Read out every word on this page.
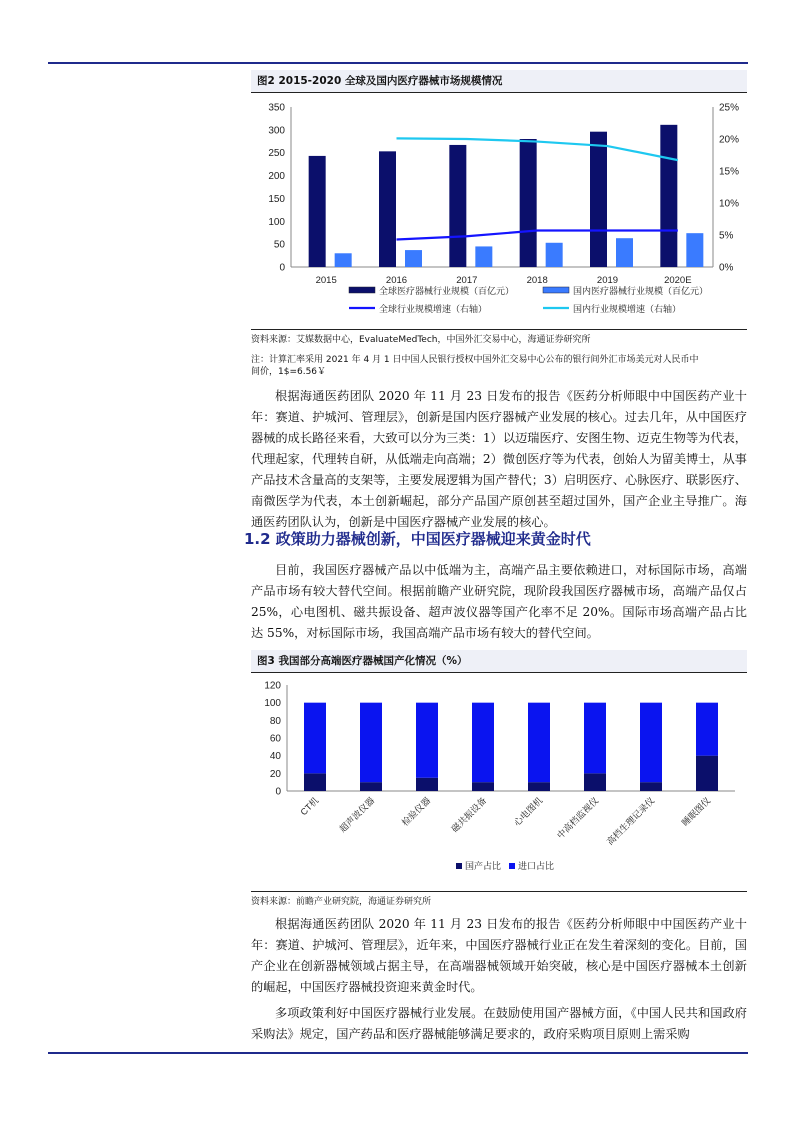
图2 2015-2020 全球及国内医疗器械市场规模情况
0
50
100
150
200
250
300
350
0%
5%
10%
15%
20%
25%
2015	2016	2017	2018	2019	2020E
全球医疗器械行业规模（百亿元）	国内医疗器械行业规模（百亿元）
全球行业规模增速（右轴）	国内行业规模增速（右轴）
资料来源：艾媒数据中心，EvaluateMedTech，中国外汇交易中心，海通证券研究所
注：计算汇率采用 2021 年 4 月 1 日中国人民银行授权中国外汇交易中心公布的银行间外汇市场美元对人民币中
间价，1$=6.56￥
根据海通医药团队 2020 年 11 月 23 日发布的报告《医药分析师眼中中国医药产业十年：赛道、护城河、管理层》，创新是国内医疗器械产业发展的核心。过去几年，从中国医疗器械的成长路径来看，大致可以分为三类：1）以迈瑞医疗、安图生物、迈克生物等为代表，代理起家，代理转自研，从低端走向高端；2）微创医疗等为代表，创始人为留美博士，从事产品技术含量高的支架等，主要发展逻辑为国产替代；3）启明医疗、心脉医疗、联影医疗、南微医学为代表，本土创新崛起，部分产品国产原创甚至超过国外，国产企业主导推广。海通医药团队认为，创新是中国医疗器械产业发展的核心。
1.2 政策助力器械创新，中国医疗器械迎来黄金时代
目前，我国医疗器械产品以中低端为主，高端产品主要依赖进口，对标国际市场，高端产品市场有较大替代空间。根据前瞻产业研究院，现阶段我国医疗器械市场，高端产品仅占 25%，心电图机、磁共振设备、超声波仪器等国产化率不足 20%。国际市场高端产品占比达 55%，对标国际市场，我国高端产品市场有较大的替代空间。
图3 我国部分高端医疗器械国产化情况（%）
0
20
40
60
80
100
120
CT机 超声波仪器	检验仪器 磁共振设备	心电图机 中高档监视仪 高档生理记录仪	睡眠图仪
国产占比 进口占比
资料来源：前瞻产业研究院，海通证券研究所
根据海通医药团队 2020 年 11 月 23 日发布的报告《医药分析师眼中中国医药产业十年：赛道、护城河、管理层》，近年来，中国医疗器械行业正在发生着深刻的变化。目前，国产企业在创新器械领域占据主导，在高端器械领域开始突破，核心是中国医疗器械本土创新的崛起，中国医疗器械投资迎来黄金时代。
多项政策利好中国医疗器械行业发展。在鼓励使用国产器械方面，《中国人民共和国政府采购法》规定，国产药品和医疗器械能够满足要求的，政府采购项目原则上需采购
